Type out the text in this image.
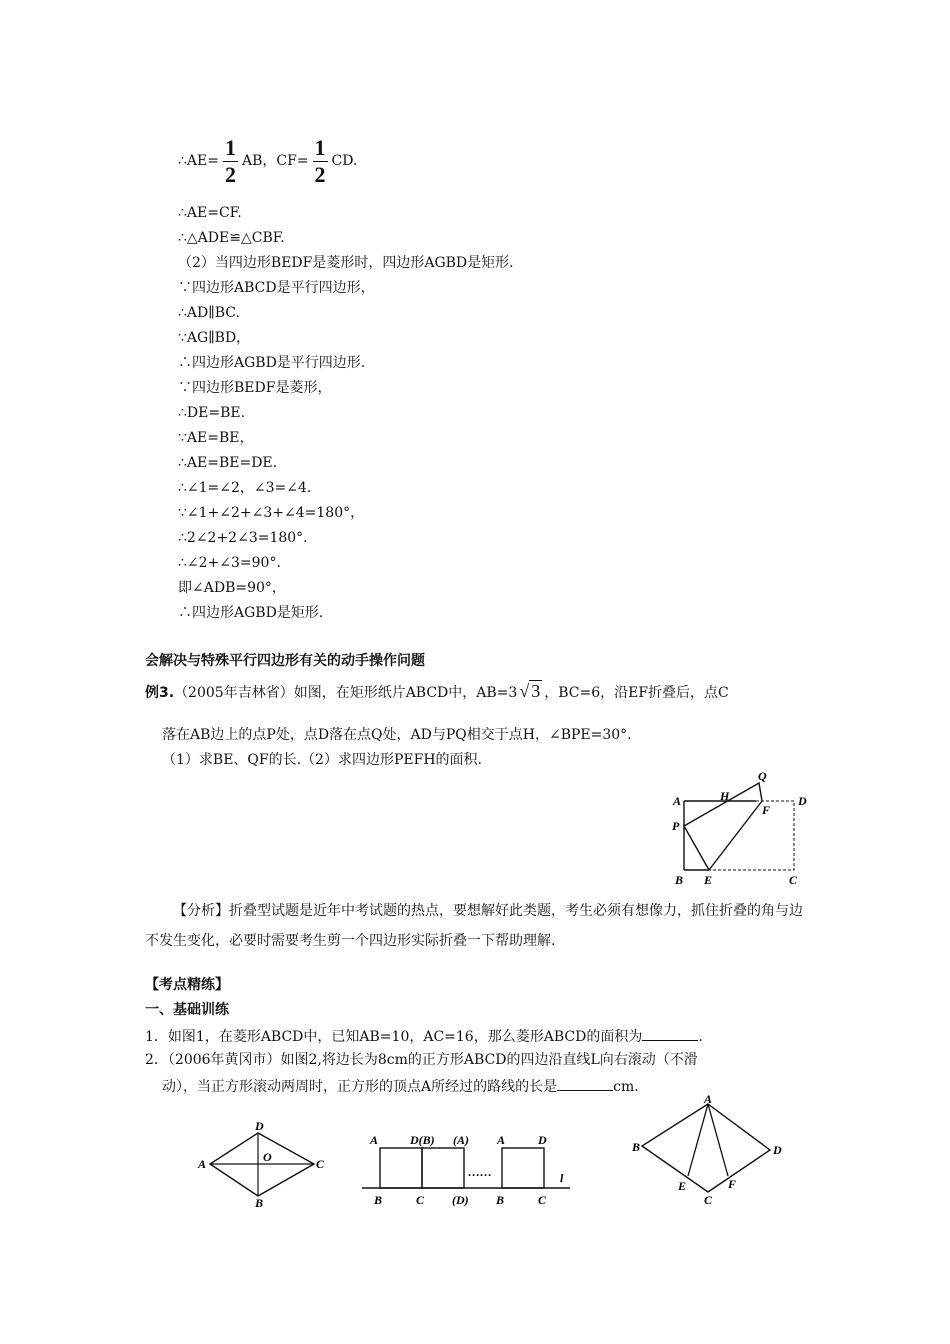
∴AE= $\frac{1}{2}$ AB，$CF= \frac{1}{2}$ CD.
∴AE=CF.
∴△ADE≌△CBF.
（2）当四边形BEDF是菱形时，四边形AGBD是矩形.
∵四边形ABCD是平行四边形，
∴AD∥BC.
∵AG∥BD，
∴四边形AGBD是平行四边形.
∵四边形BEDF是菱形，
∴DE=BE.
∵AE=BE，
∴AE=BE=DE.
∴∠1=∠2，∠3=∠4.
∵∠1+∠2+∠3+∠4=180°，
∴2∠2+2∠3=180°.
∴∠2+∠3=90°.
即∠ADB=90°，
∴四边形AGBD是矩形.
会解决与特殊平行四边形有关的动手操作问题
例3.（2005年吉林省）如图，在矩形纸片ABCD中，AB=3 √ 3 ，BC=6，沿EF折叠后，点C
落在AB边上的点P处，点D落在点Q处，AD与PQ相交于点H，∠BPE=30°.
（1）求BE、QF的长.（2）求四边形PEFH的面积.
Q
A	H	D
F
P
B E	C
【分析】折叠型试题是近年中考试题的热点，要想解好此类题，考生必须有想像力，抓住折叠的角与边不发生变化，必要时需要考生剪一个四边形实际折叠一下帮助理解.
【考点精练】
一、基础训练
1．如图1，在菱形ABCD中，已知AB=10，AC=16，那么菱形ABCD的面积为	.
2．（2006年黄冈市）如图2,将边长为8cm的正方形ABCD的四边沿直线L向右滚动（不滑
动），当正方形滚动两周时，正方形的顶点A所经过的路线的长是	cm.
D
A	O	C
B
A	D(B) (A) A	D
……	l
B	C (D) B	C
A
B	D
E
C
F
